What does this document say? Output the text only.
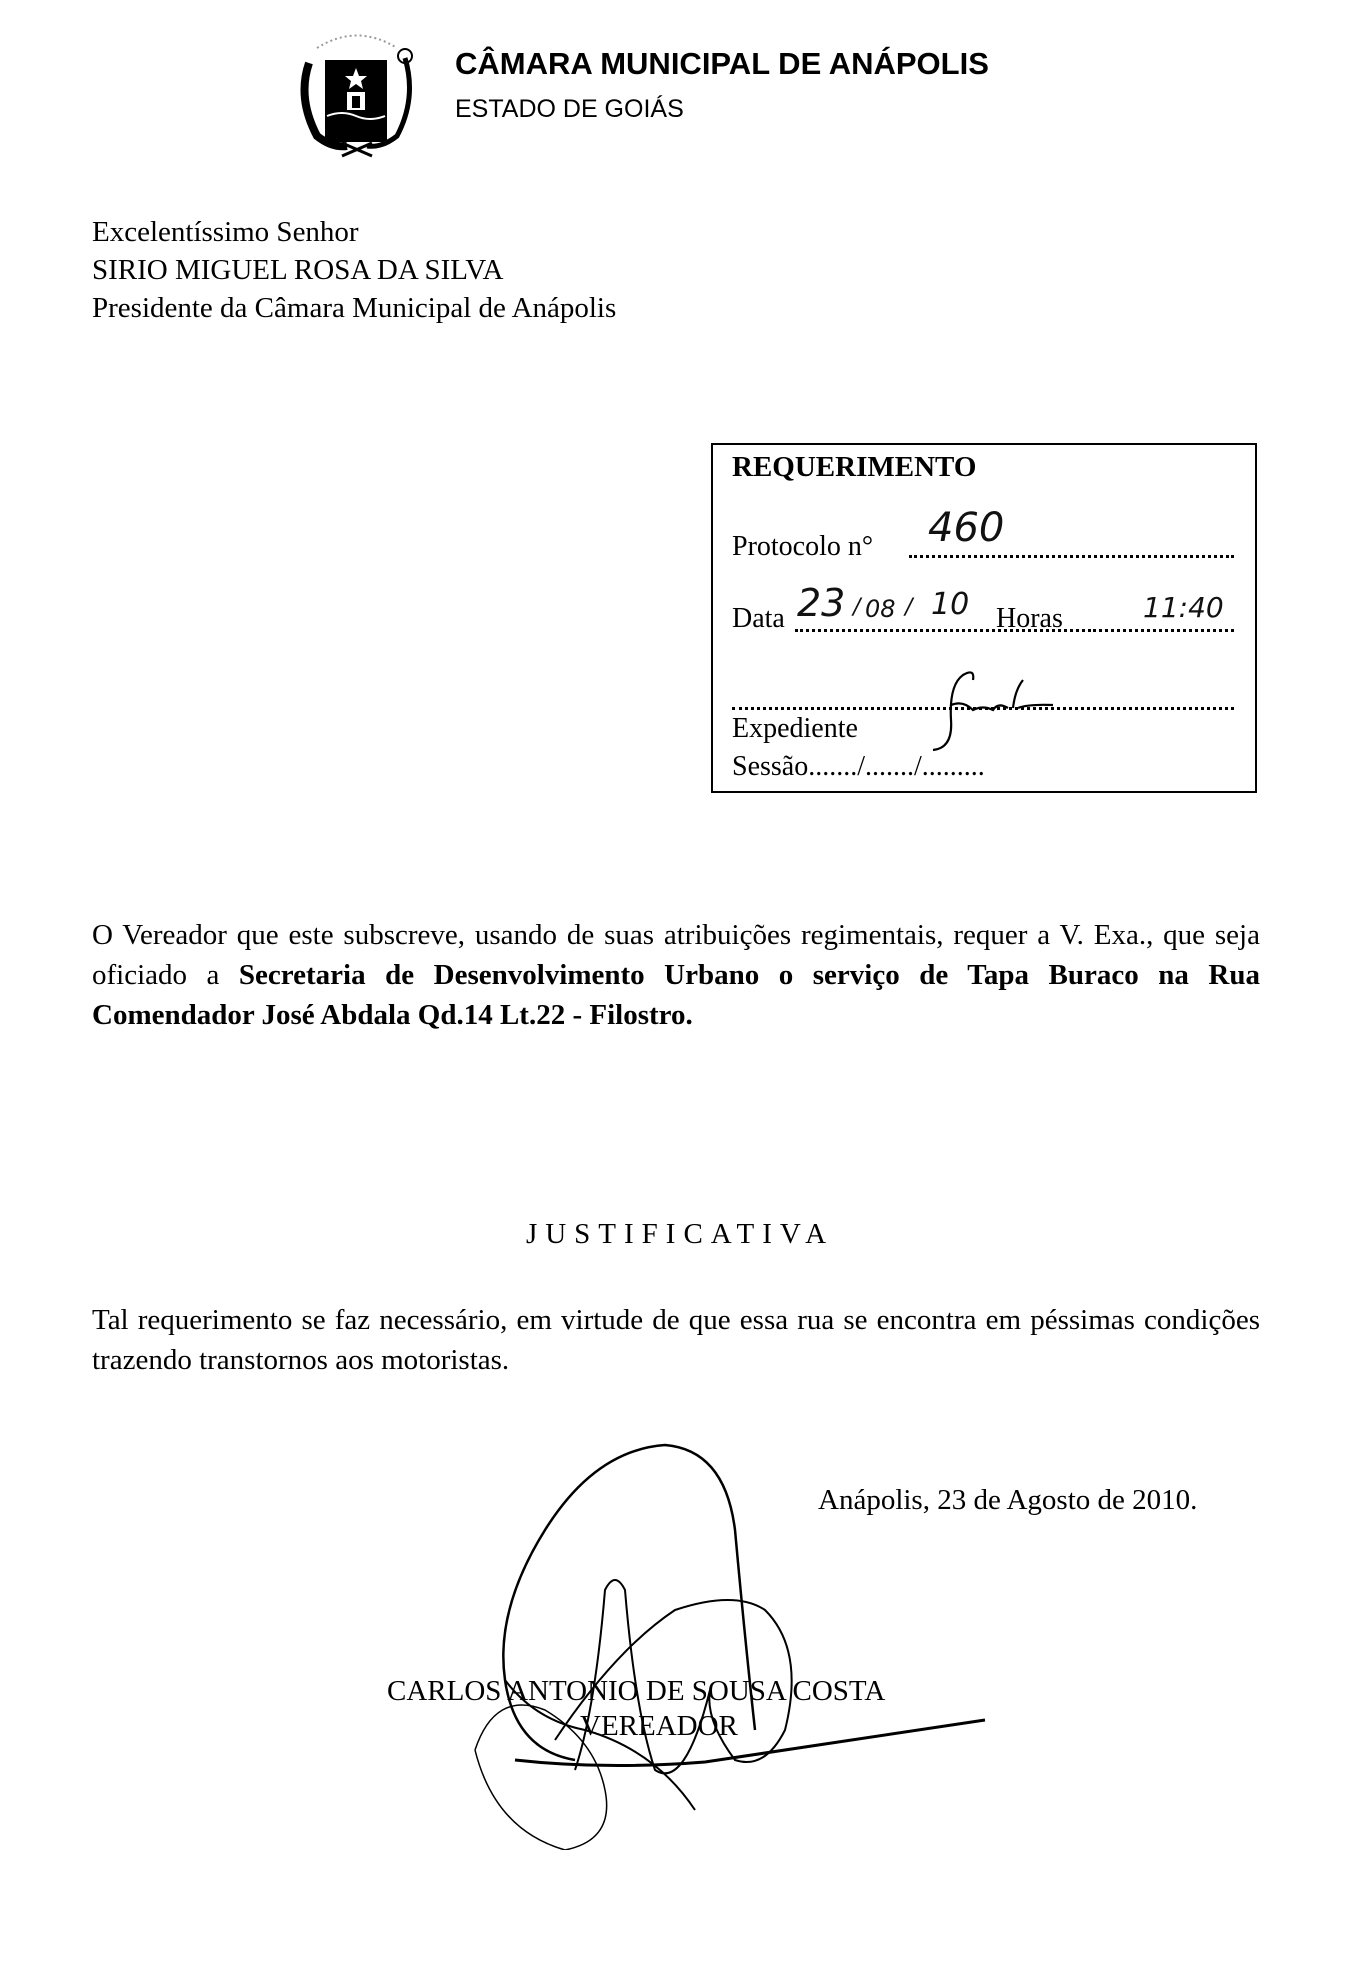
CÂMARA MUNICIPAL DE ANÁPOLIS
ESTADO DE GOIÁS
Excelentíssimo Senhor
SIRIO MIGUEL ROSA DA SILVA
Presidente da Câmara Municipal de Anápolis
REQUERIMENTO
Protocolo n° 460
Data 23 / 08 / 10 Horas	11:40
Expediente
Sessão......./......./.........
O Vereador que este subscreve, usando de suas atribuições regimentais, requer a V. Exa., que seja oficiado a Secretaria de Desenvolvimento Urbano o serviço de Tapa Buraco na Rua Comendador José Abdala Qd.14 Lt.22 - Filostro.
JUSTIFICATIVA
Tal requerimento se faz necessário, em virtude de que essa rua se encontra em péssimas condições trazendo transtornos aos motoristas.
Anápolis, 23 de Agosto de 2010.
CARLOS ANTONIO DE SOUSA COSTA
VEREADOR
